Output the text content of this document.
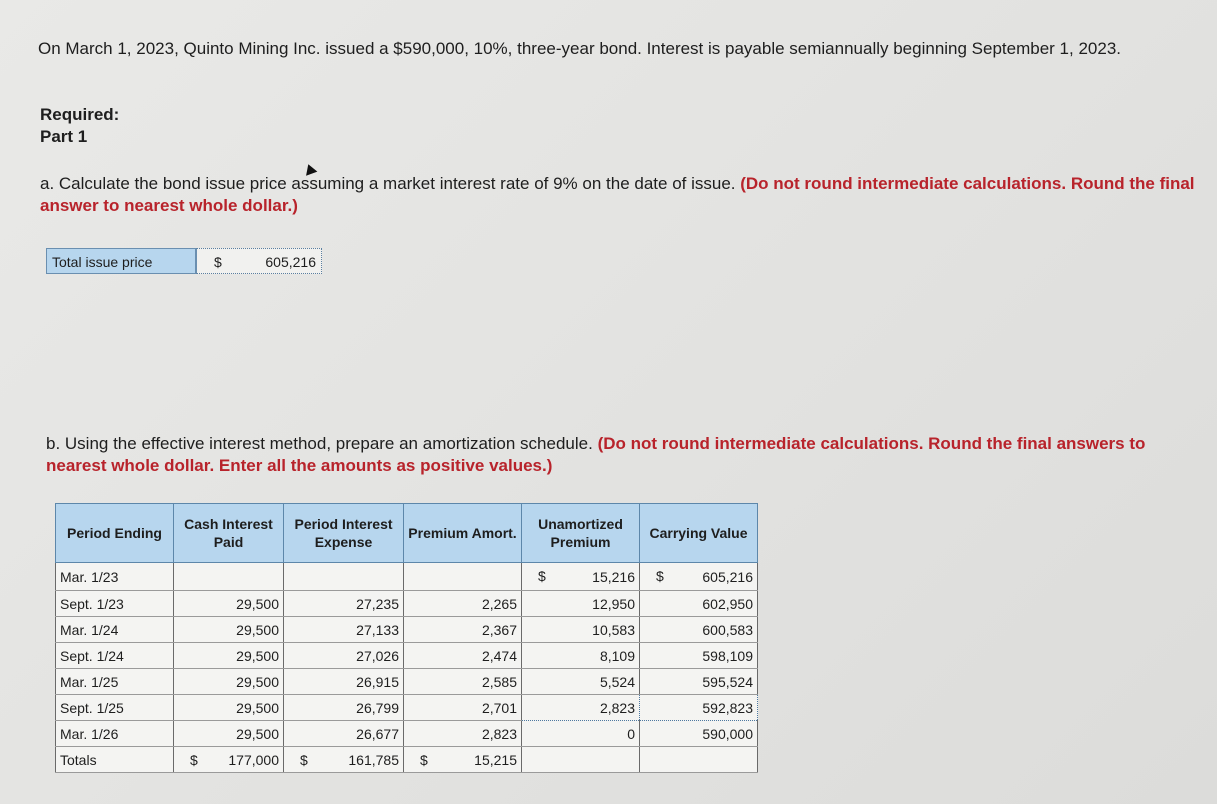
On March 1, 2023, Quinto Mining Inc. issued a $590,000, 10%, three-year bond. Interest is payable semiannually beginning September 1, 2023.
Required:
Part 1
a. Calculate the bond issue price assuming a market interest rate of 9% on the date of issue. (Do not round intermediate calculations. Round the final answer to nearest whole dollar.)
Total issue price	$	605,216
b. Using the effective interest method, prepare an amortization schedule. (Do not round intermediate calculations. Round the final answers to nearest whole dollar. Enter all the amounts as positive values.)
Period Ending	Cash Interest Paid	Period Interest Expense	Premium Amort.	Unamortized Premium	Carrying Value
Mar. 1/23				$ 15,216	$ 605,216
Sept. 1/23	29,500	27,235	2,265	12,950	602,950
Mar. 1/24	29,500	27,133	2,367	10,583	600,583
Sept. 1/24	29,500	27,026	2,474	8,109	598,109
Mar. 1/25	29,500	26,915	2,585	5,524	595,524
Sept. 1/25	29,500	26,799	2,701	2,823	592,823
Mar. 1/26	29,500	26,677	2,823	0	590,000
Totals	$ 177,000	$ 161,785	$ 15,215		
